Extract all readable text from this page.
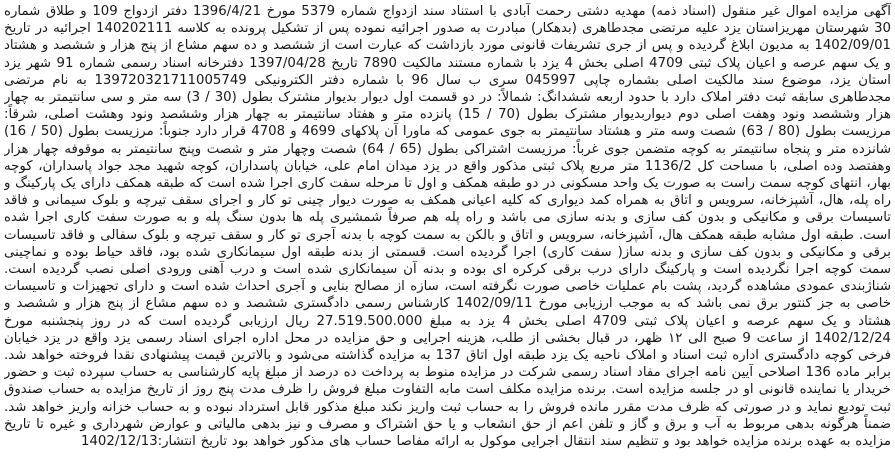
آگهی مزایده اموال غیر منقول (اسناد ذمه) مهدیه دشتی رحمت آبادی با استناد سند ازدواج شماره 5379 مورخ 1396/4/21 دفتر ازدواج 109 و طلاق شماره 30 شهرستان مهریزاستان یزد علیه مرتضی مجدطاهری (بدهکار) مبادرت به صدور اجرائیه نموده پس از تشکیل پرونده به کلاسه 140202111 اجرائیه در تاریخ 1402/09/01 به مدیون ابلاغ گردیده و پس از جری تشریفات قانونی مورد بازداشت که عبارت است از ششصد و ده سهم مشاع از پنج هزار و ششصد و هشتاد و یک سهم عرصه و اعیان پلاک ثبتی 4709 اصلی بخش 4 یزد با شماره مستند مالکیت 7890 تاریخ 1397/04/28 دفترخانه اسناد رسمی شماره 91 شهر یزد استان یزد، موضوع سند مالکیت اصلی بشماره چاپی 045997 سری ب سال 96 با شماره دفتر الکترونیکی 139720321711005749 به نام مرتضی مجدطاهری سابقه ثبت دفتر املاک دارد با حدود اربعه ششدانگ: شمالاً: در دو قسمت اول دیوار بدیوار مشترک بطول (30 / 3) سه متر و سی سانتیمتر به چهار هزار وششصد ونود وهفت اصلی دوم دیواربدیوار مشترک بطول (70 / 15) پانزده متر و هفتاد سانتیمتر به چهار هزار وششصد ونود وهشت اصلی، شرقاً: مرزیست بطول (80 / 63) شصت وسه متر و هشتاد سانتیمتر به جوی عمومی که ماورا آن پلاکهای 4699 و 4708 قرار دارد جنوباً: مرزیست بطول (50 / 16) شانزده متر و پنجاه سانتیمتر به کوچه متضمن جوی غرباً: مرزیست اشتراکی بطول (65 / 64) شصت وچهار متر و شصت وپنج سانتیمتر به موقوفه چهار هزار وهفتصد وده اصلی، با مساحت کل 1136/2 متر مربع پلاک ثبتی مذکور واقع در یزد میدان امام علی، خیابان پاسداران، کوچه شهید مجد جواد پاسداران، کوچه بهار، انتهای کوچه سمت راست به صورت یک واحد مسکونی در دو طبقه همکف و اول تا مرحله سفت کاری اجرا شده است که طبقه همکف دارای یک پارکینگ و راه پله، هال، آشپزخانه، سرویس و اتاق به همراه کمد دیواری که کلیه اعیانی همکف به صورت دیوار چینی تو کار و اجرای سقف تیرچه و بلوک سیمانی و فاقد تاسیسات برقی و مکانیکی و بدون کف سازی و بدنه سازی می باشد و راه پله هم صرفاً شمشیری پله ها بدون سنگ پله و به صورت سفت کاری اجرا شده است. طبقه اول مشابه طبقه همکف هال، آشپزخانه، سرویس و اتاق و بالکن به سمت کوچه با بدنه آجری تو کار و سقف تیرچه و بلوک سفالی و فاقد تاسیسات برقی و مکانیکی و بدون کف سازی و بدنه ساز( سفت کاری) اجرا گردیده است. قسمتی از بدنه طبقه اول سیمانکاری شده بود، فاقد حیاط بوده و نماچینی سمت کوچه اجرا نگردیده است و پارکینگ دارای درب برقی کرکره ای بوده و بدنه آن سیمانکاری شده است و درب آهنی ورودی اصلی نصب گردیده است. شناژبندی عمودی مشاهده گردید، پشت بام عملیات خاصی صورت نگرفته است، سازه از مصالح بنایی و آجری احداث شده است و دارای تجهیزات و تاسیسات خاصی به جز کنتور برق نمی باشد که به موجب ارزیابی مورخ 1402/09/11 کارشناس رسمی دادگستری ششصد و ده سهم مشاع از پنج هزار و ششصد و هشتاد و یک سهم عرصه و اعیان پلاک ثبتی 4709 اصلی بخش 4 یزد به مبلغ 27.519.500.000 ریال ارزیابی گردیده است که در روز پنجشنبه مورخ 1402/12/24 از ساعت 9 صبح الی ۱۲ ظهر، در قبال بخشی از طلب، هزینه اجرایی و حق مزایده در محل اداره اجرای اسناد رسمی یزد واقع در یزد خیابان فرخی کوچه دادگستری اداره ثبت اسناد و املاک ناحیه یک یزد طبقه اول اتاق 137 به مزایده گذاشته می‌شود و بالاترین قیمت پیشنهادی نقدا فروخته خواهد شد. برابر ماده 136 اصلاحی آیین نامه اجرای مفاد اسناد رسمی شرکت در مزایده منوط به پرداخت ده درصد از مبلغ پایه کارشناسی به حساب سپرده ثبت و حضور خریدار یا نماینده قانونی او در جلسه مزایده است. برنده مزایده مکلف است مابه التفاوت مبلغ فروش را ظرف مدت پنج روز از تاریخ مزایده به حساب صندوق ثبت تودیع نماید و در صورتی که ظرف مدت مقرر مانده فروش را به حساب ثبت واریز نکند مبلغ مذکور قابل استرداد نبوده و به حساب خزانه واریز خواهد شد. ضمناً هرگونه بدهی مربوط به آب و برق و گاز و تلفن اعم از حق انشعاب و یا حق اشتراک و مصرف و نیز بدهی مالیاتی و عوارض شهرداری و غیره تا تاریخ مزایده به عهده برنده مزایده خواهد بود و تنظیم سند انتقال اجرایی موکول به ارائه مفاصا حساب های مذکور خواهد بود تاریخ انتشار:1402/12/13
